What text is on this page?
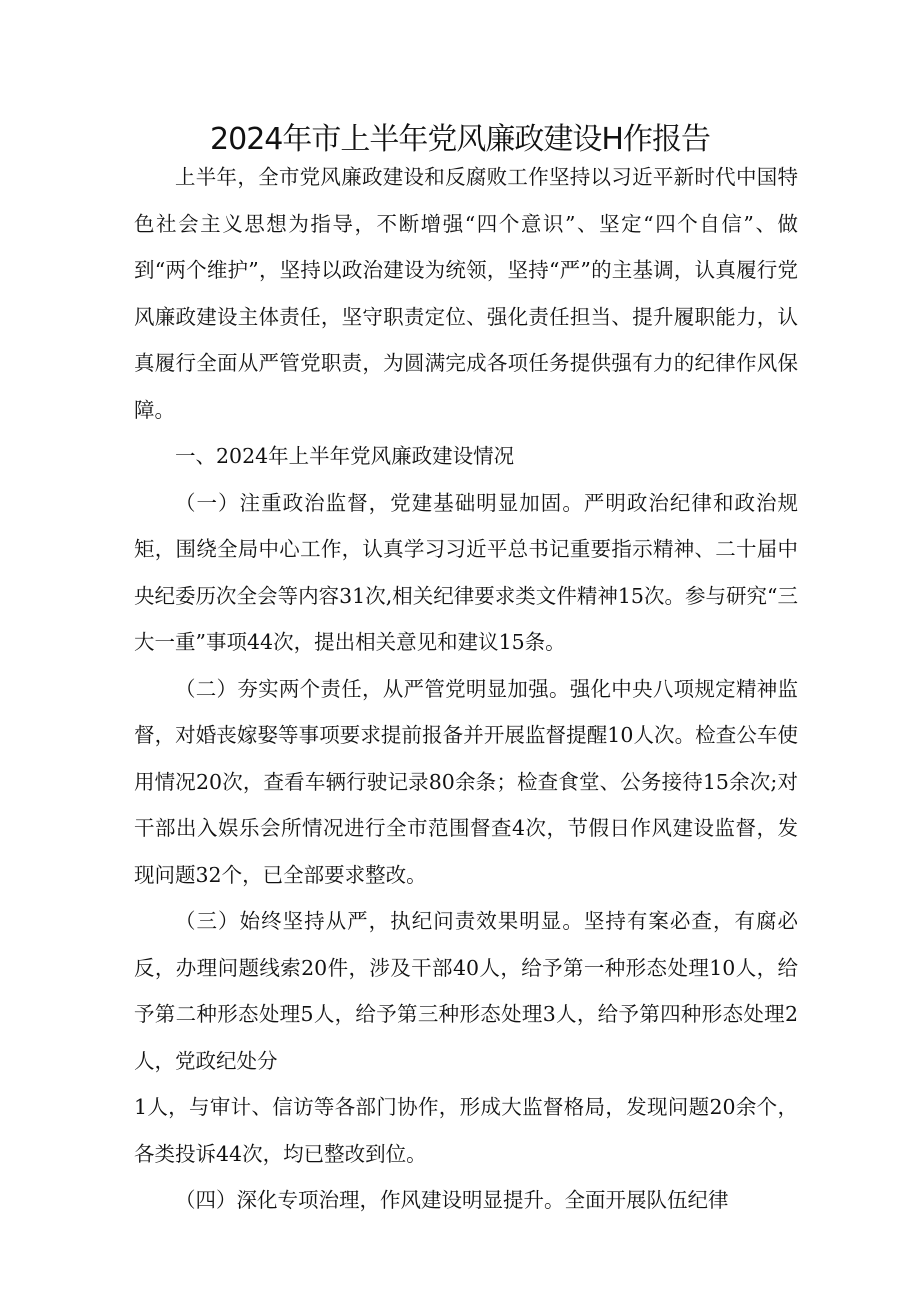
2024年市上半年党风廉政建设H作报告

上半年，全市党风廉政建设和反腐败工作坚持以习近平新时代中国特色社会主义思想为指导，不断增强“四个意识”、坚定“四个自信”、做到“两个维护”，坚持以政治建设为统领，坚持“严”的主基调，认真履行党风廉政建设主体责任，坚守职责定位、强化责任担当、提升履职能力，认真履行全面从严管党职责，为圆满完成各项任务提供强有力的纪律作风保障。

一、2024年上半年党风廉政建设情况

（一）注重政治监督，党建基础明显加固。严明政治纪律和政治规矩，围绕全局中心工作，认真学习习近平总书记重要指示精神、二十届中央纪委历次全会等内容31次,相关纪律要求类文件精神15次。参与研究“三大一重”事项44次，提出相关意见和建议15条。

（二）夯实两个责任，从严管党明显加强。强化中央八项规定精神监督，对婚丧嫁娶等事项要求提前报备并开展监督提醒10人次。检查公车使用情况20次，查看车辆行驶记录80余条；检查食堂、公务接待15余次;对干部出入娱乐会所情况进行全市范围督查4次，节假日作风建设监督，发现问题32个，已全部要求整改。

（三）始终坚持从严，执纪问责效果明显。坚持有案必查，有腐必反，办理问题线索20件，涉及干部40人，给予第一种形态处理10人，给予第二种形态处理5人，给予第三种形态处理3人，给予第四种形态处理2人，党政纪处分

1人，与审计、信访等各部门协作，形成大监督格局，发现问题20余个，各类投诉44次，均已整改到位。

（四）深化专项治理，作风建设明显提升。全面开展队伍纪律
